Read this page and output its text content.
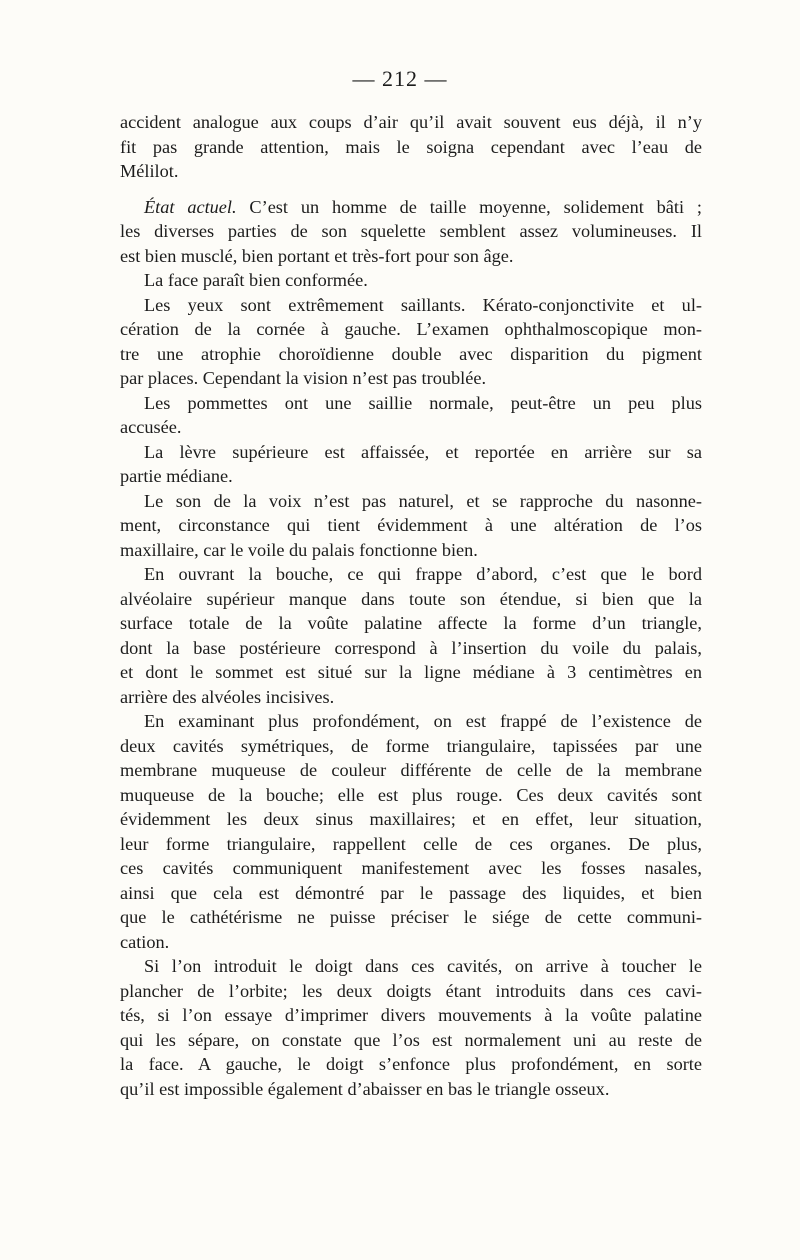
— 212 —
accident analogue aux coups d’air qu’il avait souvent eus déjà, il n’y
fit pas grande attention, mais le soigna cependant avec l’eau de
Mélilot.
État actuel. C’est un homme de taille moyenne, solidement bâti ;
les diverses parties de son squelette semblent assez volumineuses. Il
est bien musclé, bien portant et très-fort pour son âge.
La face paraît bien conformée.
Les yeux sont extrêmement saillants. Kérato-conjonctivite et ul-
cération de la cornée à gauche. L’examen ophthalmoscopique mon-
tre une atrophie choroïdienne double avec disparition du pigment
par places. Cependant la vision n’est pas troublée.
Les pommettes ont une saillie normale, peut-être un peu plus
accusée.
La lèvre supérieure est affaissée, et reportée en arrière sur sa
partie médiane.
Le son de la voix n’est pas naturel, et se rapproche du nasonne-
ment, circonstance qui tient évidemment à une altération de l’os
maxillaire, car le voile du palais fonctionne bien.
En ouvrant la bouche, ce qui frappe d’abord, c’est que le bord
alvéolaire supérieur manque dans toute son étendue, si bien que la
surface totale de la voûte palatine affecte la forme d’un triangle,
dont la base postérieure correspond à l’insertion du voile du palais,
et dont le sommet est situé sur la ligne médiane à 3 centimètres en
arrière des alvéoles incisives.
En examinant plus profondément, on est frappé de l’existence de
deux cavités symétriques, de forme triangulaire, tapissées par une
membrane muqueuse de couleur différente de celle de la membrane
muqueuse de la bouche; elle est plus rouge. Ces deux cavités sont
évidemment les deux sinus maxillaires; et en effet, leur situation,
leur forme triangulaire, rappellent celle de ces organes. De plus,
ces cavités communiquent manifestement avec les fosses nasales,
ainsi que cela est démontré par le passage des liquides, et bien
que le cathétérisme ne puisse préciser le siége de cette communi-
cation.
Si l’on introduit le doigt dans ces cavités, on arrive à toucher le
plancher de l’orbite; les deux doigts étant introduits dans ces cavi-
tés, si l’on essaye d’imprimer divers mouvements à la voûte palatine
qui les sépare, on constate que l’os est normalement uni au reste de
la face. A gauche, le doigt s’enfonce plus profondément, en sorte
qu’il est impossible également d’abaisser en bas le triangle osseux.
